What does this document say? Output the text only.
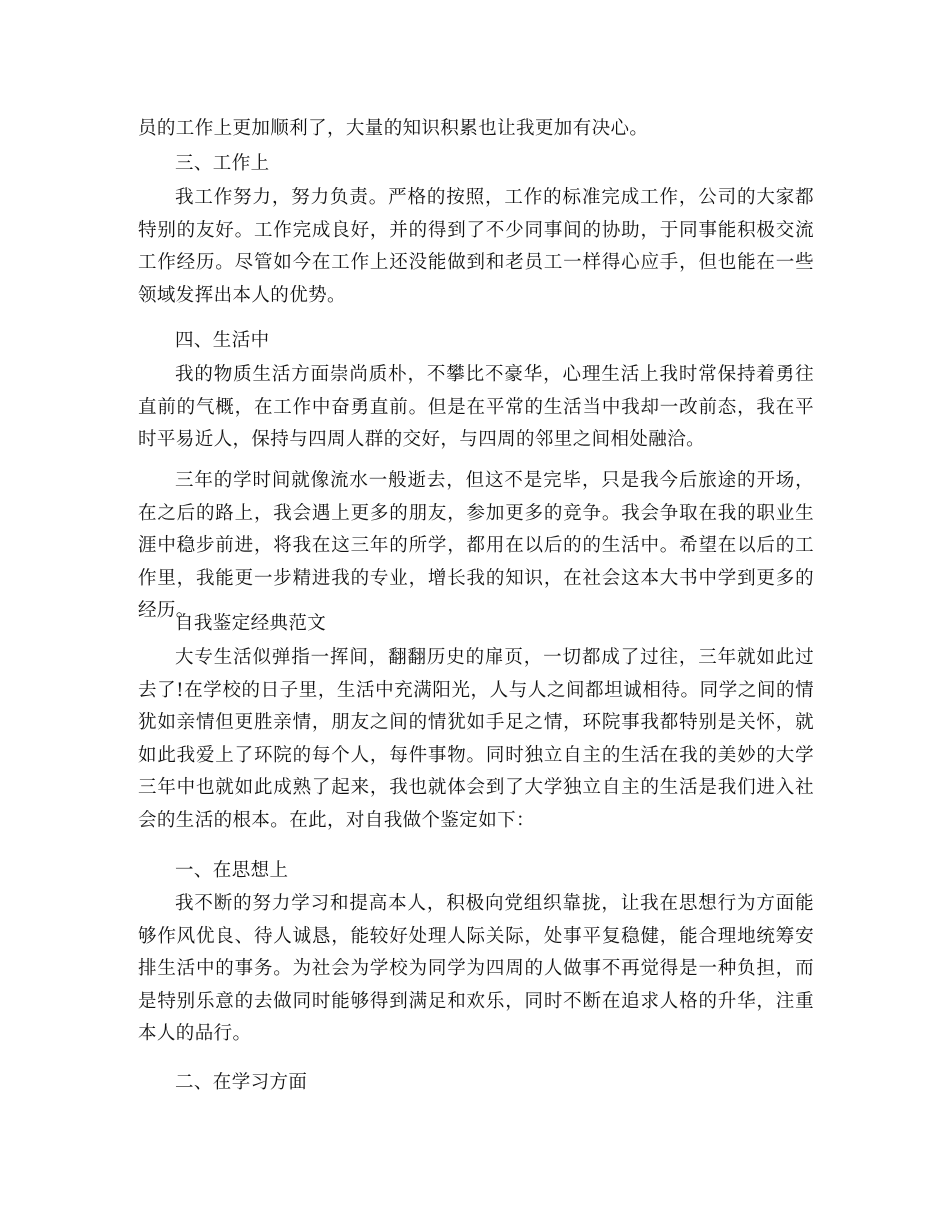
员的工作上更加顺利了，大量的知识积累也让我更加有决心。

三、工作上

我工作努力，努力负责。严格的按照，工作的标准完成工作，公司的大家都特别的友好。工作完成良好，并的得到了不少同事间的协助，于同事能积极交流工作经历。尽管如今在工作上还没能做到和老员工一样得心应手，但也能在一些领域发挥出本人的优势。

四、生活中

我的物质生活方面崇尚质朴，不攀比不豪华，心理生活上我时常保持着勇往直前的气概，在工作中奋勇直前。但是在平常的生活当中我却一改前态，我在平时平易近人，保持与四周人群的交好，与四周的邻里之间相处融洽。

三年的学时间就像流水一般逝去，但这不是完毕，只是我今后旅途的开场，在之后的路上，我会遇上更多的朋友，参加更多的竞争。我会争取在我的职业生涯中稳步前进，将我在这三年的所学，都用在以后的的生活中。希望在以后的工作里，我能更一步精进我的专业，增长我的知识，在社会这本大书中学到更多的经历。

自我鉴定经典范文

大专生活似弹指一挥间，翻翻历史的扉页，一切都成了过往，三年就如此过去了!在学校的日子里，生活中充满阳光，人与人之间都坦诚相待。同学之间的情犹如亲情但更胜亲情，朋友之间的情犹如手足之情，环院事我都特别是关怀，就如此我爱上了环院的每个人，每件事物。同时独立自主的生活在我的美妙的大学三年中也就如此成熟了起来，我也就体会到了大学独立自主的生活是我们进入社会的生活的根本。在此，对自我做个鉴定如下：

一、在思想上

我不断的努力学习和提高本人，积极向党组织靠拢，让我在思想行为方面能够作风优良、待人诚恳，能较好处理人际关际，处事平复稳健，能合理地统筹安排生活中的事务。为社会为学校为同学为四周的人做事不再觉得是一种负担，而是特别乐意的去做同时能够得到满足和欢乐，同时不断在追求人格的升华，注重本人的品行。

二、在学习方面
